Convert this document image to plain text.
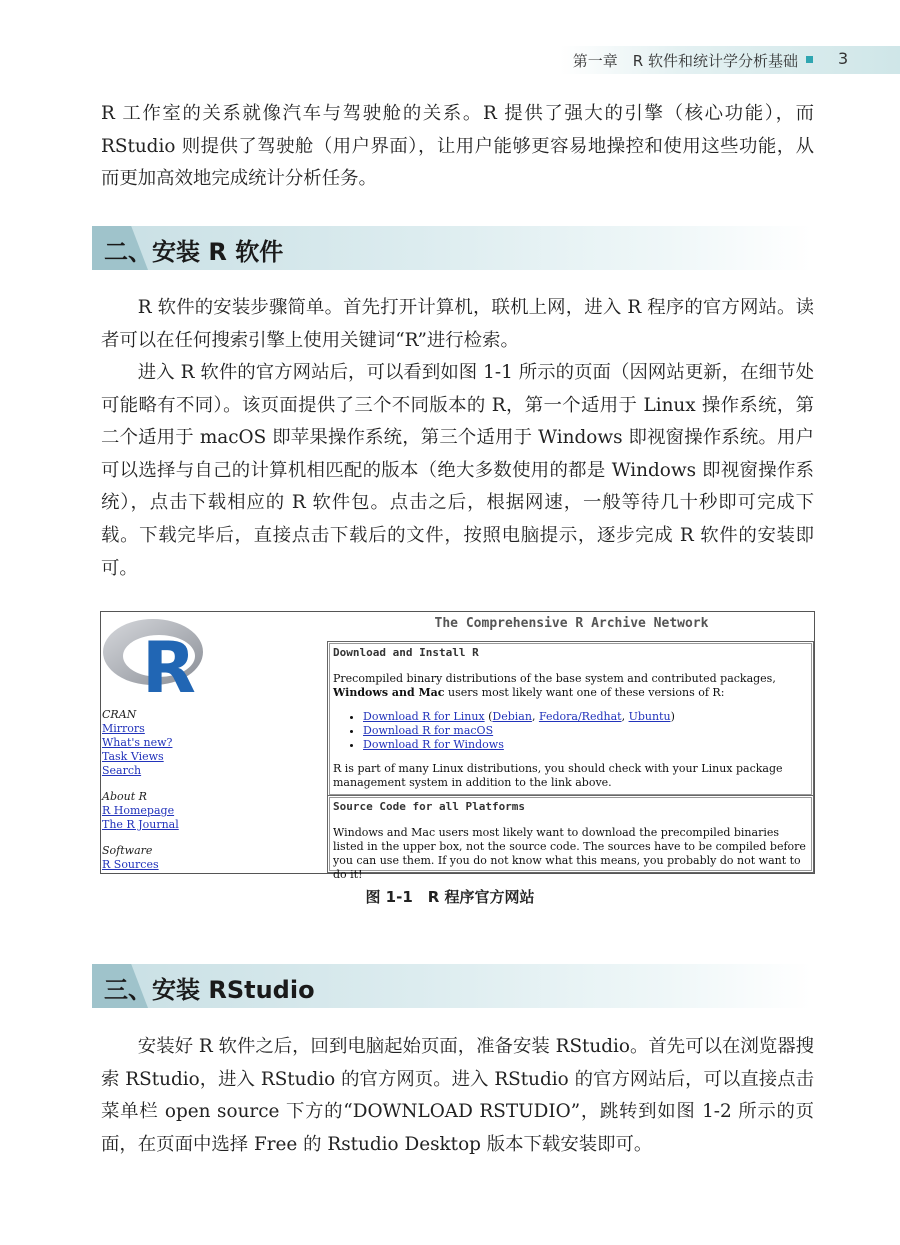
第一章　R 软件和统计学分析基础	3

R 工作室的关系就像汽车与驾驶舱的关系。R 提供了强大的引擎（核心功能），而 RStudio 则提供了驾驶舱（用户界面），让用户能够更容易地操控和使用这些功能，从而更加高效地完成统计分析任务。

二、安装 R 软件

R 软件的安装步骤简单。首先打开计算机，联机上网，进入 R 程序的官方网站。读者可以在任何搜索引擎上使用关键词“R”进行检索。

进入 R 软件的官方网站后，可以看到如图 1-1 所示的页面（因网站更新，在细节处可能略有不同）。该页面提供了三个不同版本的 R，第一个适用于 Linux 操作系统，第二个适用于 macOS 即苹果操作系统，第三个适用于 Windows 即视窗操作系统。用户可以选择与自己的计算机相匹配的版本（绝大多数使用的都是 Windows 即视窗操作系统），点击下载相应的 R 软件包。点击之后，根据网速，一般等待几十秒即可完成下载。下载完毕后，直接点击下载后的文件，按照电脑提示，逐步完成 R 软件的安装即可。

R
The Comprehensive R Archive Network
CRAN
Mirrors
What's new?
Task Views
Search
About R
R Homepage
The R Journal
Software
R Sources
Download and Install R

Precompiled binary distributions of the base system and contributed packages, Windows and Mac users most likely want one of these versions of R:

• Download R for Linux (Debian, Fedora/Redhat, Ubuntu)
• Download R for macOS
• Download R for Windows

R is part of many Linux distributions, you should check with your Linux package management system in addition to the link above.

Source Code for all Platforms

Windows and Mac users most likely want to download the precompiled binaries listed in the upper box, not the source code. The sources have to be compiled before you can use them. If you do not know what this means, you probably do not want to do it!

图 1-1　R 程序官方网站
三、安装 RStudio

安装好 R 软件之后，回到电脑起始页面，准备安装 RStudio。首先可以在浏览器搜索 RStudio，进入 RStudio 的官方网页。进入 RStudio 的官方网站后，可以直接点击菜单栏 open source 下方的“DOWNLOAD RSTUDIO”，跳转到如图 1-2 所示的页面，在页面中选择 Free 的 Rstudio Desktop 版本下载安装即可。
